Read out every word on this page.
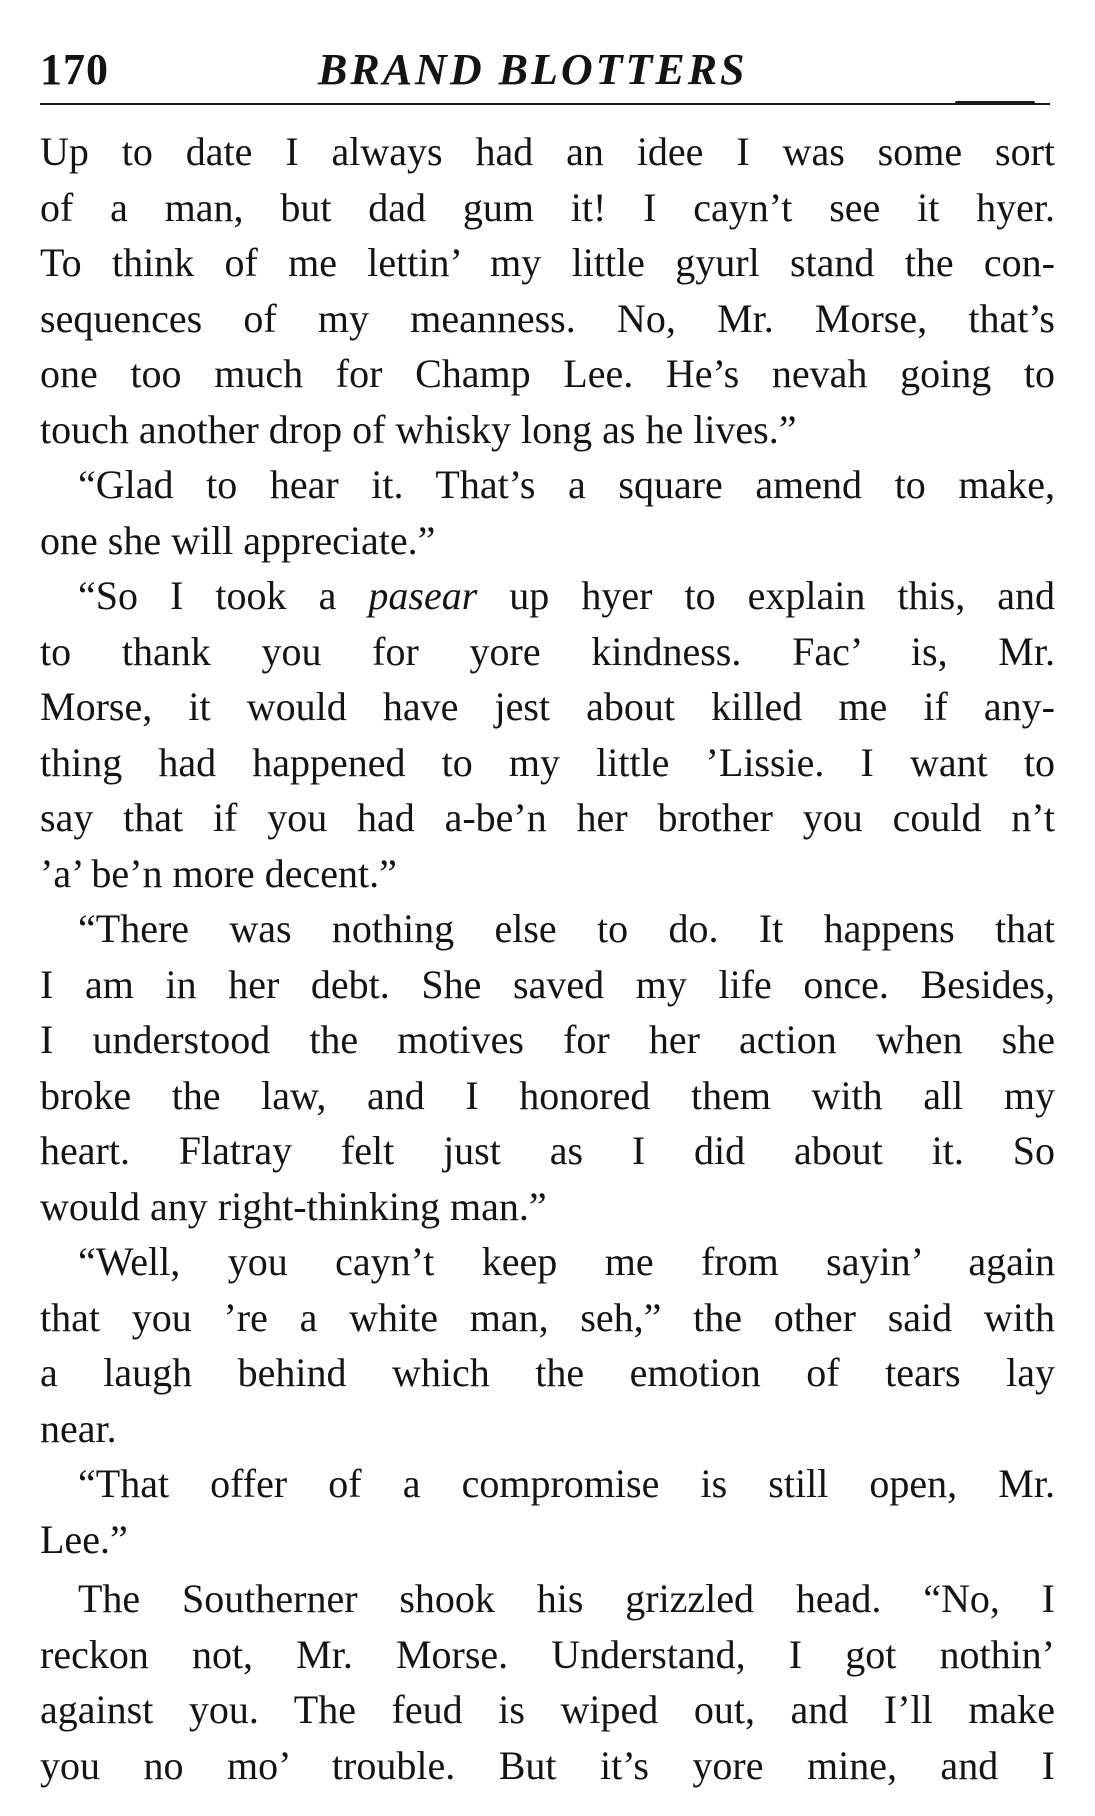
170	BRAND BLOTTERS
Up to date I always had an idee I was some sort
of a man, but dad gum it! I cayn’t see it hyer.
To think of me lettin’ my little gyurl stand the con-
sequences of my meanness. No, Mr. Morse, that’s
one too much for Champ Lee. He’s nevah going to
touch another drop of whisky long as he lives.”
“Glad to hear it. That’s a square amend to make,
one she will appreciate.”
“So I took a pasear up hyer to explain this, and
to thank you for yore kindness. Fac’ is, Mr.
Morse, it would have jest about killed me if any-
thing had happened to my little ’Lissie. I want to
say that if you had a-be’n her brother you could n’t
’a’ be’n more decent.”
“There was nothing else to do. It happens that
I am in her debt. She saved my life once. Besides,
I understood the motives for her action when she
broke the law, and I honored them with all my
heart. Flatray felt just as I did about it. So
would any right-thinking man.”
“Well, you cayn’t keep me from sayin’ again
that you ’re a white man, seh,” the other said with
a laugh behind which the emotion of tears lay
near.
“That offer of a compromise is still open, Mr.
Lee.”
The Southerner shook his grizzled head. “No, I
reckon not, Mr. Morse. Understand, I got nothin’
against you. The feud is wiped out, and I’ll make
you no mo’ trouble. But it’s yore mine, and I
